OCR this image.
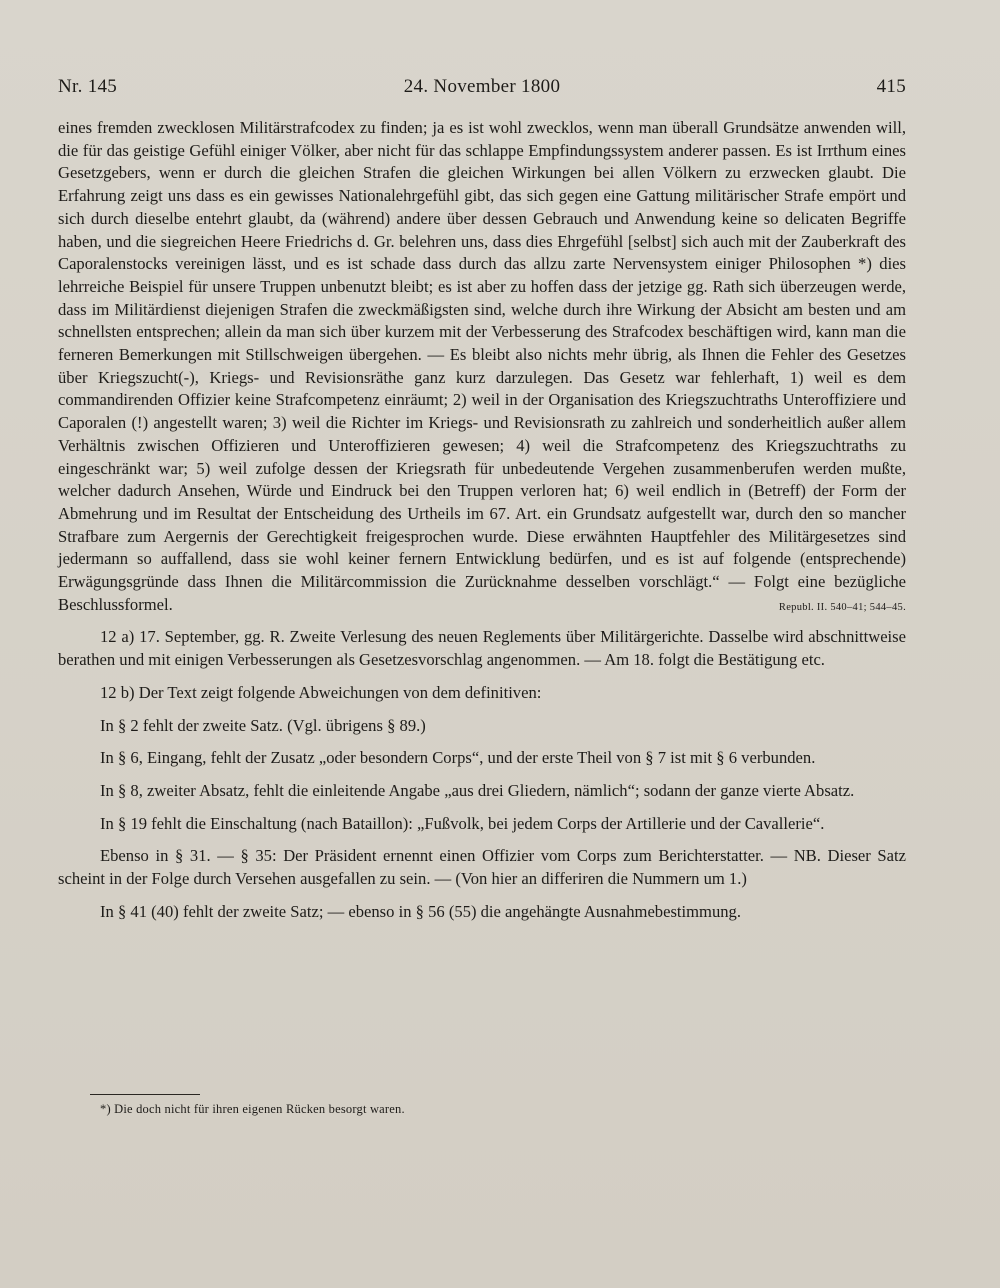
Nr. 145	24. November 1800	415

eines fremden zwecklosen Militärstrafcodex zu finden; ja es ist wohl zwecklos, wenn man überall Grundsätze anwenden will, die für das geistige Gefühl einiger Völker, aber nicht für das schlappe Empfindungssystem anderer passen. Es ist Irrthum eines Gesetzgebers, wenn er durch die gleichen Strafen die gleichen Wirkungen bei allen Völkern zu erzwecken glaubt. Die Erfahrung zeigt uns dass es ein gewisses Nationalehrgefühl gibt, das sich gegen eine Gattung militärischer Strafe empört und sich durch dieselbe entehrt glaubt, da (während) andere über dessen Gebrauch und Anwendung keine so delicaten Begriffe haben, und die siegreichen Heere Friedrichs d. Gr. belehren uns, dass dies Ehrgefühl [selbst] sich auch mit der Zauberkraft des Caporalenstocks vereinigen lässt, und es ist schade dass durch das allzu zarte Nervensystem einiger Philosophen *) dies lehrreiche Beispiel für unsere Truppen unbenutzt bleibt; es ist aber zu hoffen dass der jetzige gg. Rath sich überzeugen werde, dass im Militärdienst diejenigen Strafen die zweckmäßigsten sind, welche durch ihre Wirkung der Absicht am besten und am schnellsten entsprechen; allein da man sich über kurzem mit der Verbesserung des Strafcodex beschäftigen wird, kann man die ferneren Bemerkungen mit Stillschweigen übergehen. — Es bleibt also nichts mehr übrig, als Ihnen die Fehler des Gesetzes über Kriegszucht(-), Kriegs- und Revisionsräthe ganz kurz darzulegen. Das Gesetz war fehlerhaft, 1) weil es dem commandirenden Offizier keine Strafcompetenz einräumt; 2) weil in der Organisation des Kriegszuchtraths Unteroffiziere und Caporalen (!) angestellt waren; 3) weil die Richter im Kriegs- und Revisionsrath zu zahlreich und sonderheitlich außer allem Verhältnis zwischen Offizieren und Unteroffizieren gewesen; 4) weil die Strafcompetenz des Kriegszuchtraths zu eingeschränkt war; 5) weil zufolge dessen der Kriegsrath für unbedeutende Vergehen zusammenberufen werden mußte, welcher dadurch Ansehen, Würde und Eindruck bei den Truppen verloren hat; 6) weil endlich in (Betreff) der Form der Abmehrung und im Resultat der Entscheidung des Urtheils im 67. Art. ein Grundsatz aufgestellt war, durch den so mancher Strafbare zum Aergernis der Gerechtigkeit freigesprochen wurde. Diese erwähnten Hauptfehler des Militärgesetzes sind jedermann so auffallend, dass sie wohl keiner fernern Entwicklung bedürfen, und es ist auf folgende (entsprechende) Erwägungsgründe dass Ihnen die Militärcommission die Zurücknahme desselben vorschlägt.“ — Folgt eine bezügliche Beschlussformel.	Republ. II. 540–41; 544–45.

12 a) 17. September, gg. R. Zweite Verlesung des neuen Reglements über Militärgerichte. Dasselbe wird abschnittweise berathen und mit einigen Verbesserungen als Gesetzesvorschlag angenommen. — Am 18. folgt die Bestätigung etc.

12 b) Der Text zeigt folgende Abweichungen von dem definitiven:

In § 2 fehlt der zweite Satz. (Vgl. übrigens § 89.)

In § 6, Eingang, fehlt der Zusatz „oder besondern Corps“, und der erste Theil von § 7 ist mit § 6 verbunden.

In § 8, zweiter Absatz, fehlt die einleitende Angabe „aus drei Gliedern, nämlich“; sodann der ganze vierte Absatz.

In § 19 fehlt die Einschaltung (nach Bataillon): „Fußvolk, bei jedem Corps der Artillerie und der Cavallerie“.

Ebenso in § 31. — § 35: Der Präsident ernennt einen Offizier vom Corps zum Berichterstatter. — NB. Dieser Satz scheint in der Folge durch Versehen ausgefallen zu sein. — (Von hier an differiren die Nummern um 1.)

In § 41 (40) fehlt der zweite Satz; — ebenso in § 56 (55) die angehängte Ausnahmebestimmung.

*) Die doch nicht für ihren eigenen Rücken besorgt waren.
